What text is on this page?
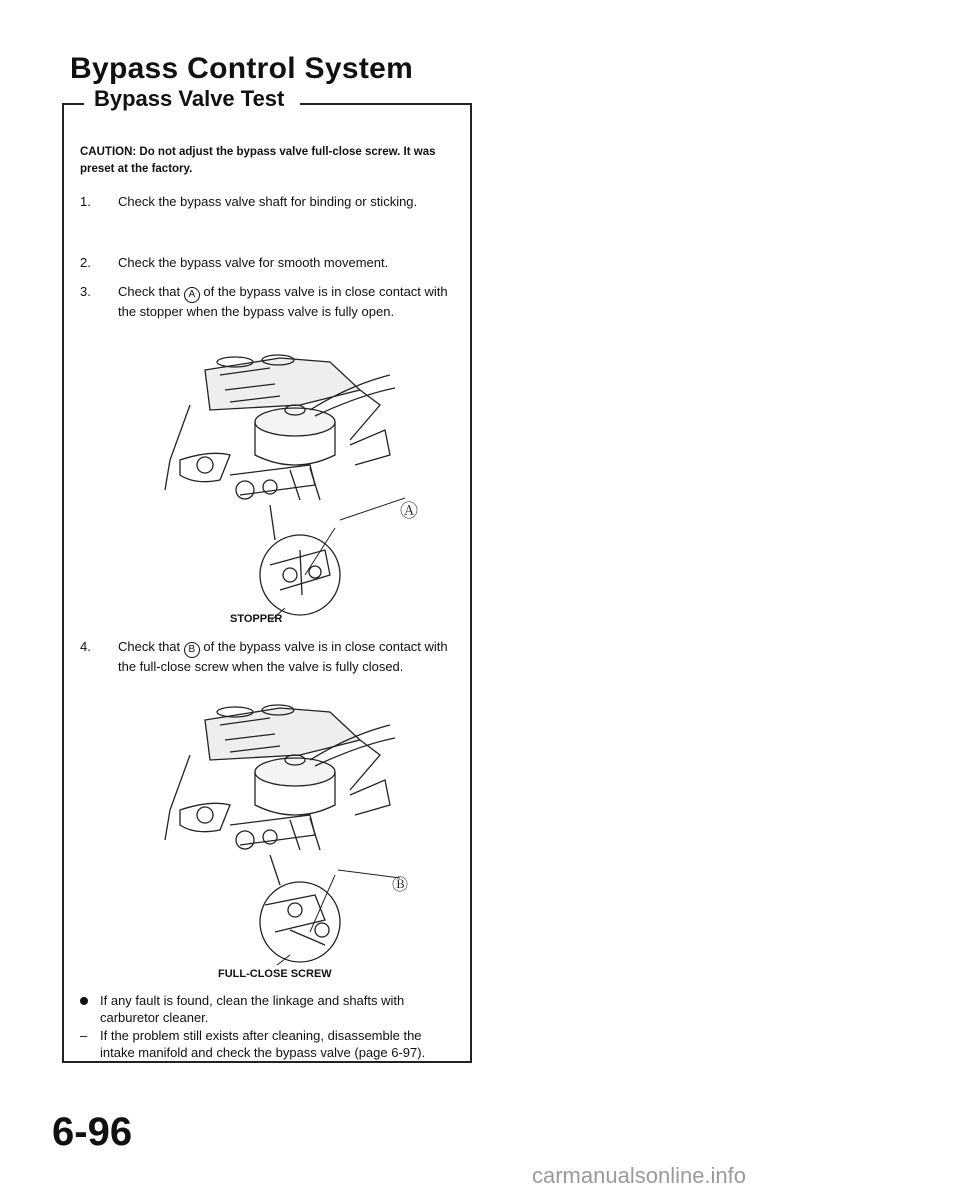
Bypass Control System
Bypass Valve Test
CAUTION: Do not adjust the bypass valve full-close screw. It was preset at the factory.
1.	Check the bypass valve shaft for binding or sticking.
2.	Check the bypass valve for smooth movement.
3.	Check that A of the bypass valve is in close contact with the stopper when the bypass valve is fully open.
Ⓐ
STOPPER
4.	Check that B of the bypass valve is in close contact with the full-close screw when the valve is fully closed.
Ⓑ
FULL-CLOSE SCREW
If any fault is found, clean the linkage and shafts with carburetor cleaner.
– If the problem still exists after cleaning, disassemble the intake manifold and check the bypass valve (page 6-97).
6-96
carmanualsonline.info
